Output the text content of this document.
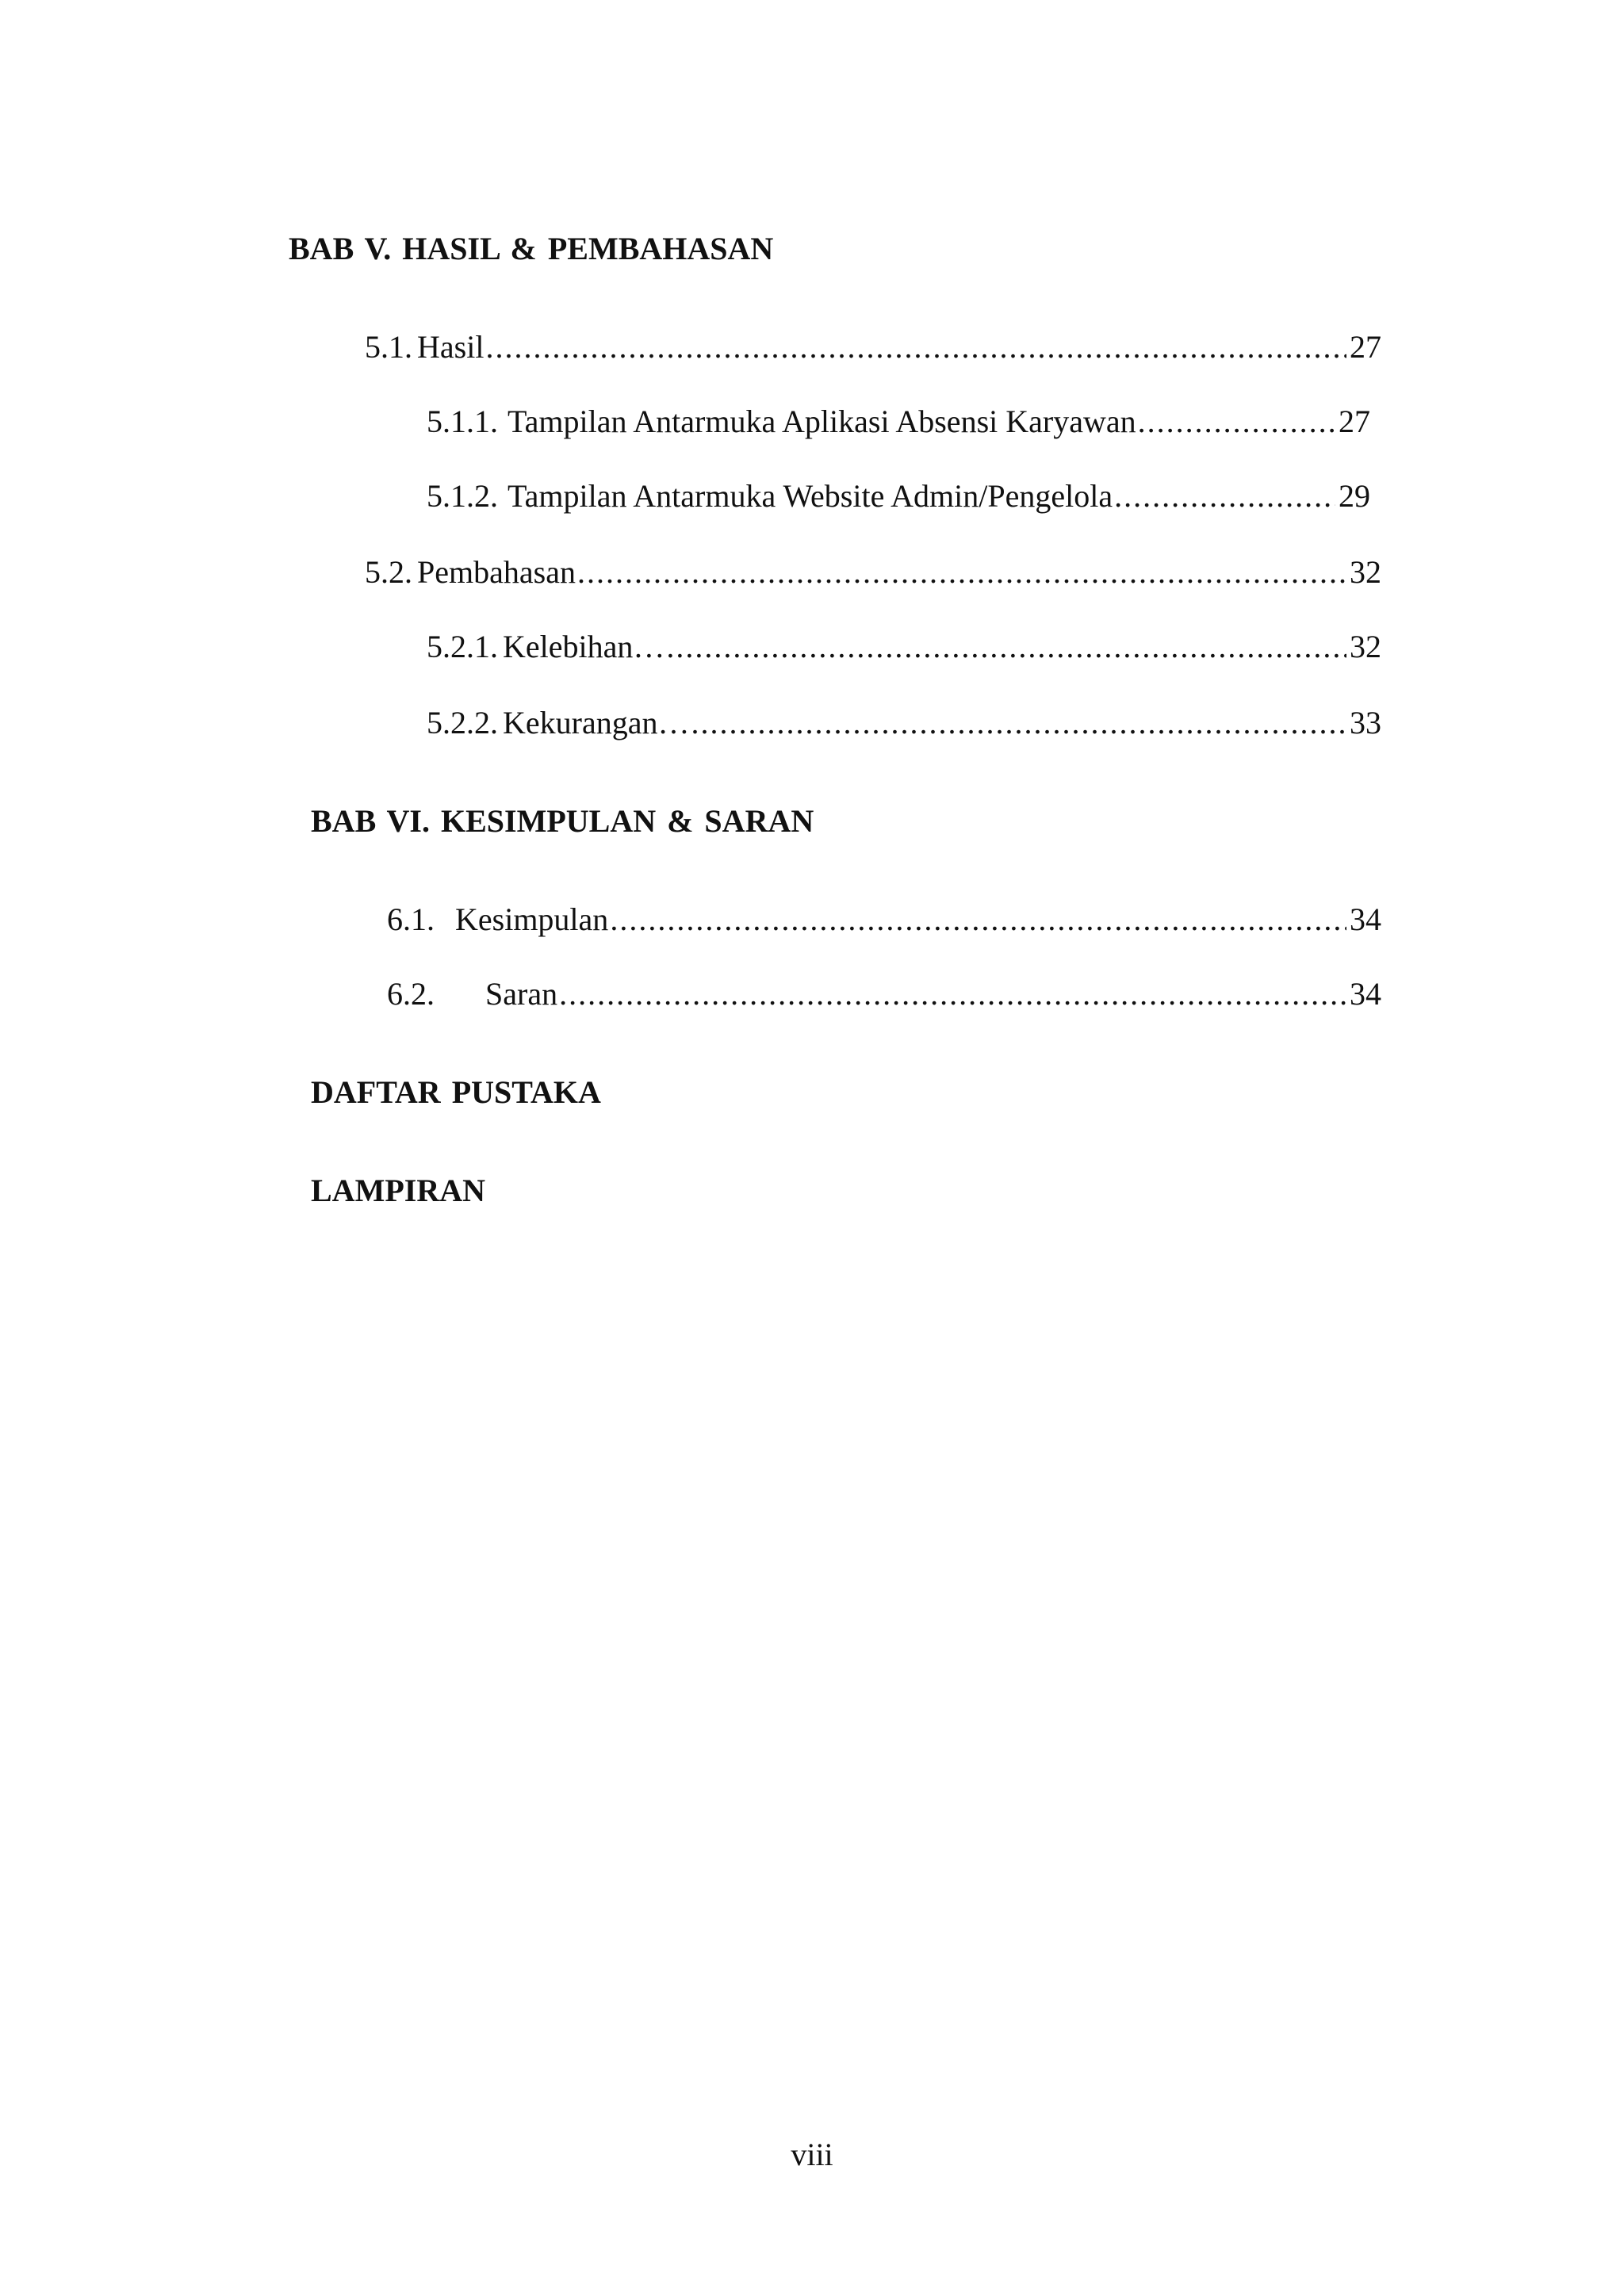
BAB V. HASIL & PEMBAHASAN
5.1. Hasil .....	27
5.1.1. Tampilan Antarmuka Aplikasi Absensi Karyawan .....	27
5.1.2. Tampilan Antarmuka Website Admin/Pengelola .....	29
5.2. Pembahasan .....	32
5.2.1. Kelebihan… .....	32
5.2.2. Kekurangan… .....	33
BAB VI. KESIMPULAN & SARAN
6.1. Kesimpulan .....	34
6.2. Saran .....	34
DAFTAR PUSTAKA
LAMPIRAN
viii
